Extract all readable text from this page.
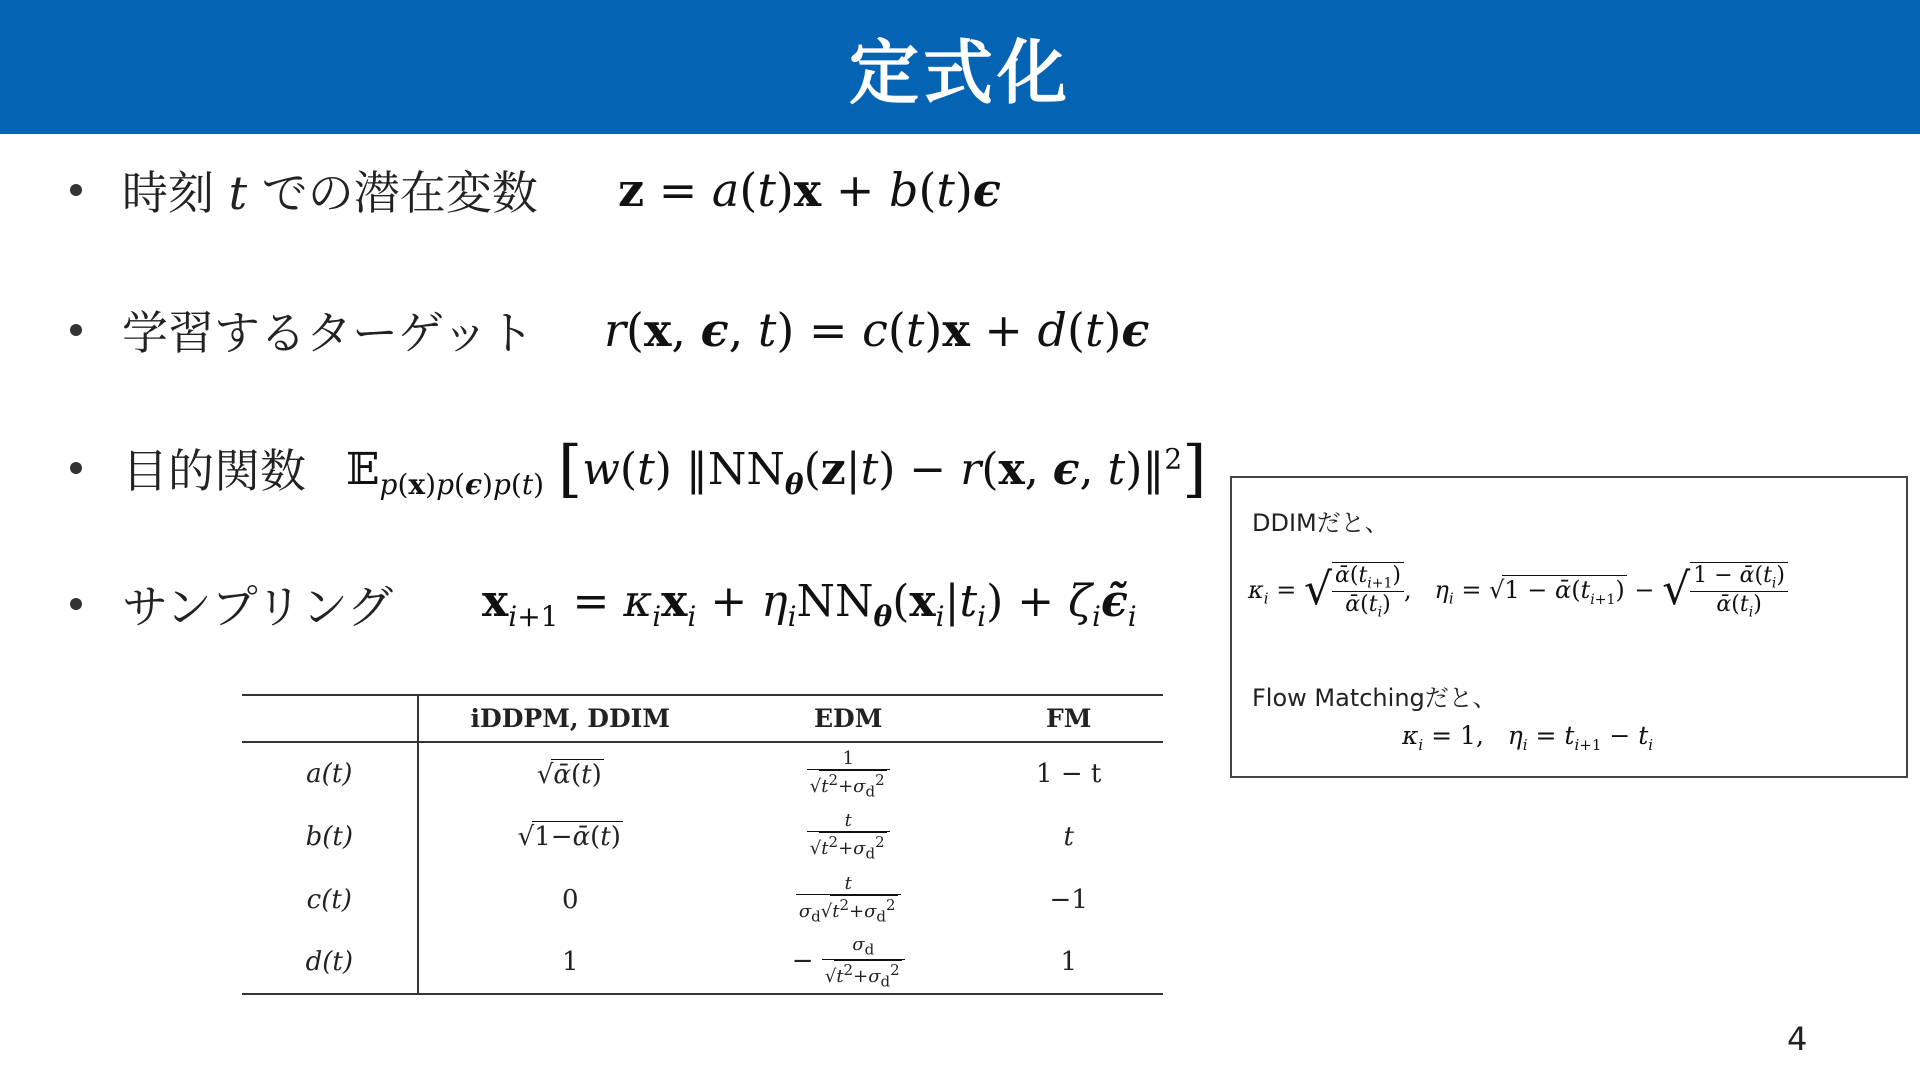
定式化
時刻 t での潜在変数 z = a(t)x + b(t)ϵ
学習するターゲット r(x, ϵ, t) = c(t)x + d(t)ϵ
目的関数 𝔼$_{p(x)p(\epsilon)p(t)}$ [w(t) $‖NN_\theta(z|t) - r(x$, ϵ, t)‖$^2$]
サンプリング $x_{i+1} = \kappa_ix_i + \eta_iNN_\theta(x_i|t_i)$ + $\zeta_i\epsiloñ_i$
	iDDPM, DDIM	EDM	FM
a(t)	√ᾱ(t)	$\frac{1}{√t^2+\sigma_d^2}$	1 − t
b(t)	√1−ᾱ(t)	$\frac{t}{√t^2+\sigma_d^2}$	t
c(t)	0	$\frac{t}{\sigma_d√t^2+\sigma_d^2}$	−1
d(t)	1	− $\frac{\sigma_d}{√t^2+\sigma_d^2}$	1
DDIMだと、
$\kappa_i$ = √ $\frac{ᾱ(t_{i+1})}{ᾱ(t_i)}$ ,   $\eta_i = √1$ − $ᾱ(t_{i+1})$ − √ $\frac{1 - ᾱ(t_i)}{ᾱ(t_i)}$
Flow Matchingだと、
$\kappa_i = 1$,   $\eta_i = t_{i+1} - t_i$
4
